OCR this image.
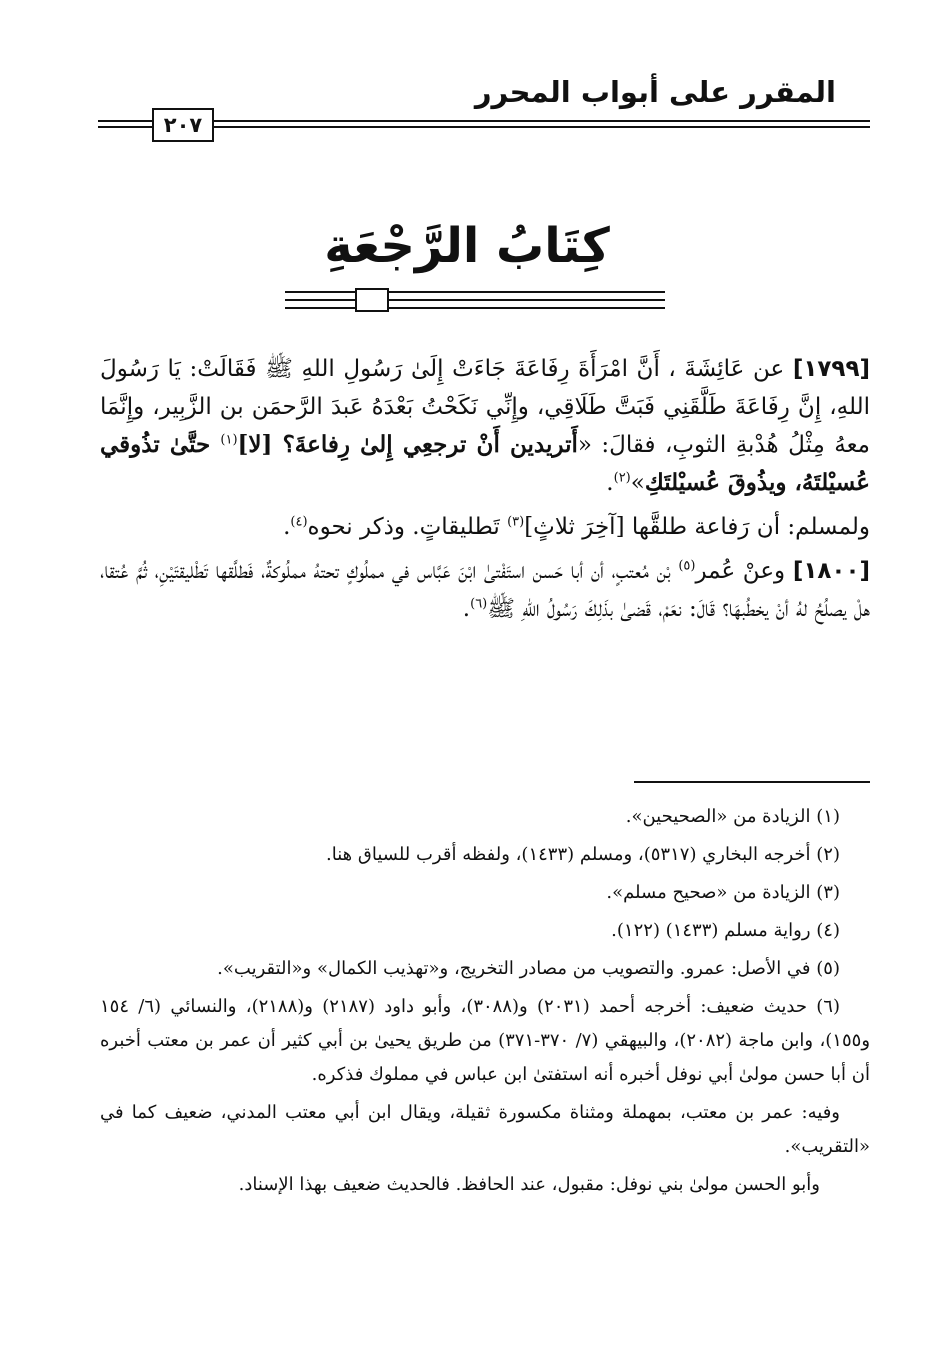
المقرر على أبواب المحرر
٢٠٧
كِتَابُ الرَّجْعَةِ

[١٧٩٩] عن عَائِشَةَ ، أَنَّ امْرَأَةَ رِفَاعَةَ جَاءَتْ إِلَىٰ رَسُولِ اللهِ ﷺ فَقَالَتْ: يَا رَسُولَ اللهِ، إِنَّ رِفَاعَةَ طَلَّقَنِي فَبَتَّ طَلَاقِي، وإِنِّي نَكَحْتُ بَعْدَهُ عَبدَ الرَّحمَن بن الزَّبِير، وإِنَّمَا معهُ مِثْلُ هُدْبةِ الثوبِ، فقالَ: «أَتريدين أَنْ ترجعِي إِلىٰ رِفاعةَ؟ [لا]$^{(١)}$ حتَّىٰ تذُوقي عُسيْلتَهُ، ويذُوقَ عُسيْلتَكِ»$^{(٢)}$.

ولمسلم: أن رَفاعة طلقَّها [آخِرَ ثلاثٍ]$^{(٣)}$ تَطليقاتٍ. وذكر نحوه$^{(٤)}$.

[١٨٠٠] وعنْ عُمر$^{(٥)}$ بْن مُعتبٍ، أن أبا حَسن استَفْتىٰ ابْنَ عَبَّاس في مملُوكٍ تحتهُ مملُوكةٌ، فَطلَّقها تَطْليقتَيْنِ، ثُمَّ عُتقا، هلْ يصلُحُ لهُ أنْ يخطُبهَا؟ قَالَ: نعَمْ، قَضىٰ بذَلِكَ رَسُولُ اللهِ ﷺ$^{(٦)}$.

(١) الزيادة من «الصحيحين».

(٢) أخرجه البخاري (٥٣١٧)، ومسلم (١٤٣٣)، ولفظه أقرب للسياق هنا.

(٣) الزيادة من «صحيح مسلم».

(٤) رواية مسلم (١٤٣٣) (١٢٢).

(٥) في الأصل: عمرو. والتصويب من مصادر التخريج، و«تهذيب الكمال» و«التقريب».

(٦) حديث ضعيف: أخرجه أحمد (٢٠٣١) و(٣٠٨٨)، وأبو داود (٢١٨٧) و(٢١٨٨)، والنسائي (٦/ ١٥٤ و١٥٥)، وابن ماجة (٢٠٨٢)، والبيهقي (٧/ ٣٧٠-٣٧١) من طريق يحيىٰ بن أبي كثير أن عمر بن معتب أخبره أن أبا حسن مولىٰ أبي نوفل أخبره أنه استفتىٰ ابن عباس في مملوك فذكره.

وفيه: عمر بن معتب، بمهملة ومثناة مكسورة ثقيلة، ويقال ابن أبي معتب المدني، ضعيف كما في «التقريب».

وأبو الحسن مولىٰ بني نوفل: مقبول، عند الحافظ. فالحديث ضعيف بهذا الإسناد.
